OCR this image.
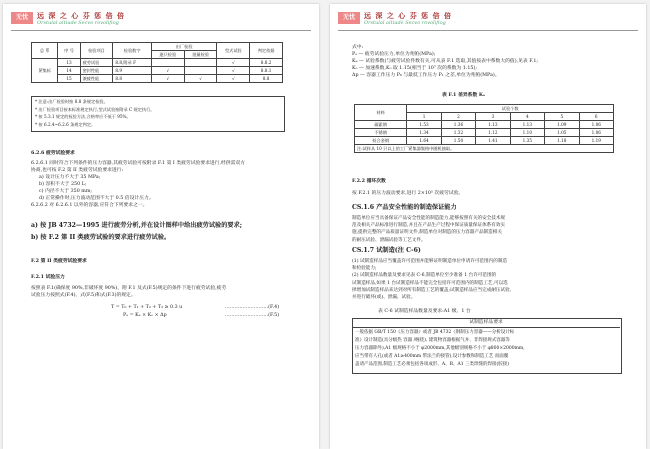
无忧	远 深 之 心 芬 惩 倍 倍
Orstulal aitiude Secvo rovolifiog
总 系	序 号	检验项目	检验数字	出厂检验		型式试验	判定依据
				逐只检验	批量检验		
紧集标	13	疲劳试验	8.8,附录 F			√	8.8.2
	14	密封性能	8.9	√		√	8.8.1
	15	滚疲性能	8.8	√	√	√	8.8
* 注意:出厂检验时按 8.8 条规定检验。
* 出厂检验项目按本标准规定执行,型式试验按附录 C 规定执行。
* 按 5.3.1 规定的检验方法,合格率应不低于 95%。
* 按 6.2.4~6.2.6 条规定判定。
6.2.6 疲劳试验要求
6.2.6.1 同时符合下列条件的压力容器,其疲劳试验可按附录 F.1 第 I 类疲劳试验要求进行,经供需双方
协商,也可按 F.2 第 II 类疲劳试验要求进行:
a) 设计压力不大于 35 MPa;
b) 容积不大于 250 L;
c) 内径不大于 350 mm;
d) 正常操作时,压力波动范围不大于 0.5 倍设计压力。
6.2.6.2 对 6.2.6.1 以外的容器,应符合下列要求之一。
a) 按 JB 4732—1995 进行疲劳分析,并在设计图样中给出疲劳试验的要求;
b) 按 F.2 第 II 类疲劳试验的要求进行疲劳试验。
F.2 第 II 类疲劳试验要求
F.2.1 试验压力
按照表 F.1(确保度 90%,非破坏度 90%)、附 F.1 及式(F.5)规定的条件下进行疲劳试验,疲劳
试验压力按照式(F.4)、式(F.5)和式(F.3)的规定。
T = T₀ + T₁ + T₂ + T₃ ≥ 0.3 u	………………………(F.4)
Pₑ = Kₑ × Kₒ × Δp	………………………(F.5)
无忧	远 深 之 心 芬 惩 倍 倍
Orstulal aitiude Secvo rovolifiog
式中:
Pₑ — 疲劳试验压力,单位为兆帕(MPa);
Kₑ — 试验系数(与疲劳试验件数有关,可从表 F.1 选取,其值按表中系数大的值),见表 F.1;
Kₒ — 加速系数,Kₒ 取 1.15(相当于 10⁷ 次的系数为 1.15);
Δp — 容器工作压力 P₀ 与最低工作压力 P₁ 之差,单位为兆帕(MPa)。
表 F.1 差异系数 Kₑ
材料	试验个数					
	1	2	3	4	5	6
碳素钢	1.53	1.36	1.13	1.13	1.09	1.06
不锈钢	1.34	1.32	1.12	1.10	1.05	1.06
低合金钢	1.64	1.50	1.41	1.35	1.18	1.19
注:试样从 10 只以上的工厂紧集器集格中随机抽取。						
F.2.2 循环次数
按 F.2.1 的压力波动要求,进行 2×10⁵ 次疲劳试验。
CS.1.6 产品安全性能的制造保证能力
制造单位应当具备保证产品安全性能的制造能力,能够按照有关的安全技术规
范及相关产品标准进行制造,并且在产品生产过程中保证质量保证体系有效实
施,提供完整的产品质量证明文件,制造单位对制造的压力容器产品制造相关
的耐压试验、泄漏试验等工艺文件。
CS.1.7 试制造(注 C-6)
(1) 试制造样品应当覆盖许可范围并能够证明制造单位申请许可范围内的制造
和检验能力;
(2) 试制造样品数量及要求见表 C-6,制造单位至少准备 1 台许可范围的
试制造样品,如果 1 台试制造样品不能完全包括许可范围内的制造工艺,可以选
择增加试制造样品来达到对所有制造工艺的覆盖;试制造样品应当完成耐压试验,
并进行破坏(或)、泄漏、试验。
表 C-6 试制造样品数量及要求:A1 级、1 台
试制造样品要求
一般依据 GB/T 150《压力容器》或者 JB 4732《钢制压力容器——分析设计标
准》设计制造(具分级热 容器 /缠绕), 建筑物容器根据气并、非焊接规式容器等
压力容器除外),A1 级规格不小于 φ2000mm,其他级别规格不小于 φ800×2000mm,
应当带有人孔(或者 A1≥400mm 带法兰的接管),设计参数和制造工艺 而面覆
盖请产品范围,制造工艺必须包括各项成形、A、B、A1 三类焊缝的焊接(胶接)
